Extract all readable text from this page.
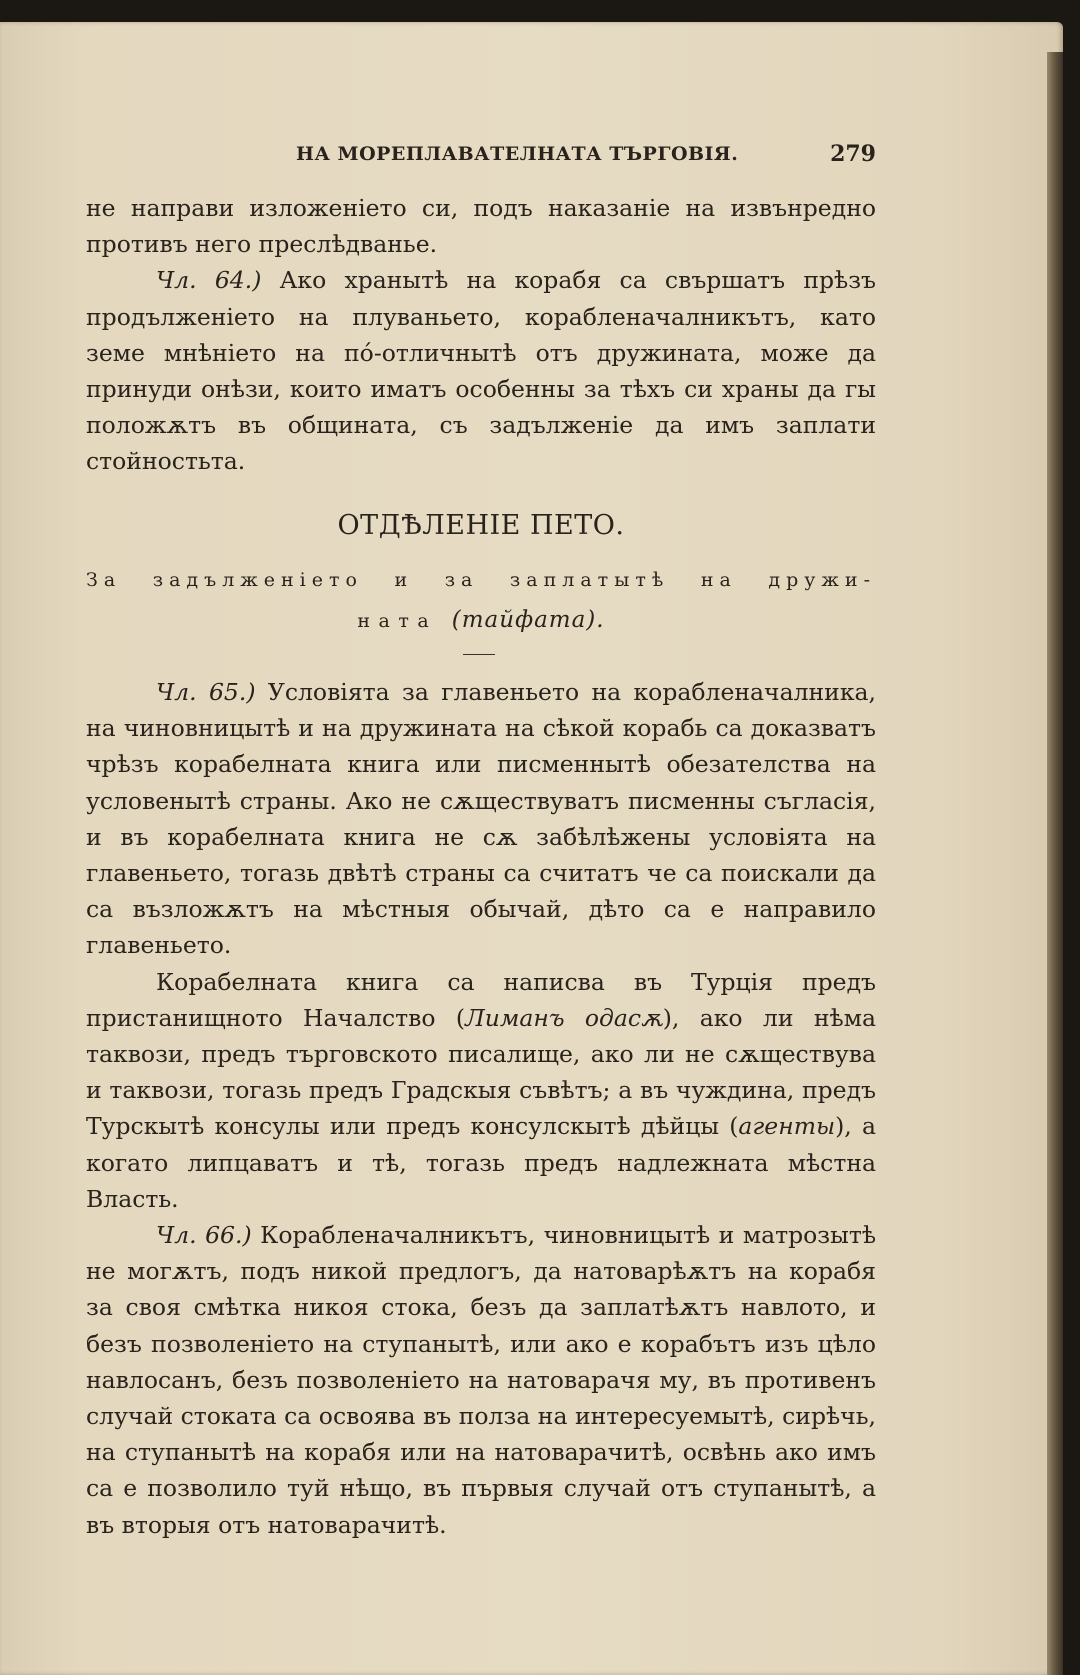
НА МОРЕПЛАВАТЕЛНАТА ТЪРГОВІЯ.	279

не направи изложеніето си, подъ наказаніе на извънредно противъ него преслѣдванье.

Чл. 64.) Ако хранытѣ на корабя са свършатъ прѣзъ продълженіето на плуваньето, корабленачалникътъ, като земе мнѣніето на по́-отличнытѣ отъ дружината, може да принуди онѣзи, които иматъ особенны за тѣхъ си храны да гы положѫтъ въ общината, съ задълженіе да имъ заплати стойностьта.

ОТДѢЛЕНІЕ ПЕТО.
За задълженіето и за заплатытѣ на дружи-
ната (тайфата).

Чл. 65.) Условіята за главеньето на корабленачалника, на чиновницытѣ и на дружината на сѣкой корабь са доказватъ чрѣзъ корабелната книга или писменнытѣ обезателства на условенытѣ страны. Ако не сѫществуватъ писменны съгласія, и въ корабелната книга не сѫ забѣлѣжены условіята на главеньето, тогазь двѣтѣ страны са считатъ че са поискали да са възложѫтъ на мѣстныя обычай, дѣто са е направило главеньето.

Корабелната книга са написва въ Турція предъ пристанищното Началство (Лиманъ одасѫ), ако ли нѣма таквози, предъ търговското писалище, ако ли не сѫществува и таквози, тогазь предъ Градскыя съвѣтъ; а въ чуждина, предъ Турскытѣ консулы или предъ консулскытѣ дѣйцы (агенты), а когато липцаватъ и тѣ, тогазь предъ надлежната мѣстна Власть.

Чл. 66.) Корабленачалникътъ, чиновницытѣ и матрозытѣ не могѫтъ, подъ никой предлогъ, да натоварѣѫтъ на корабя за своя смѣтка никоя стока, безъ да заплатѣѫтъ навлото, и безъ позволеніето на ступанытѣ, или ако е корабътъ изъ цѣло навлосанъ, безъ позволеніето на натоварачя му, въ противенъ случай стоката са освоява въ полза на интересуемытѣ, сирѣчь, на ступанытѣ на корабя или на натоварачитѣ, освѣнь ако имъ са е позволило туй нѣщо, въ първыя случай отъ ступанытѣ, а въ вторыя отъ натоварачитѣ.
